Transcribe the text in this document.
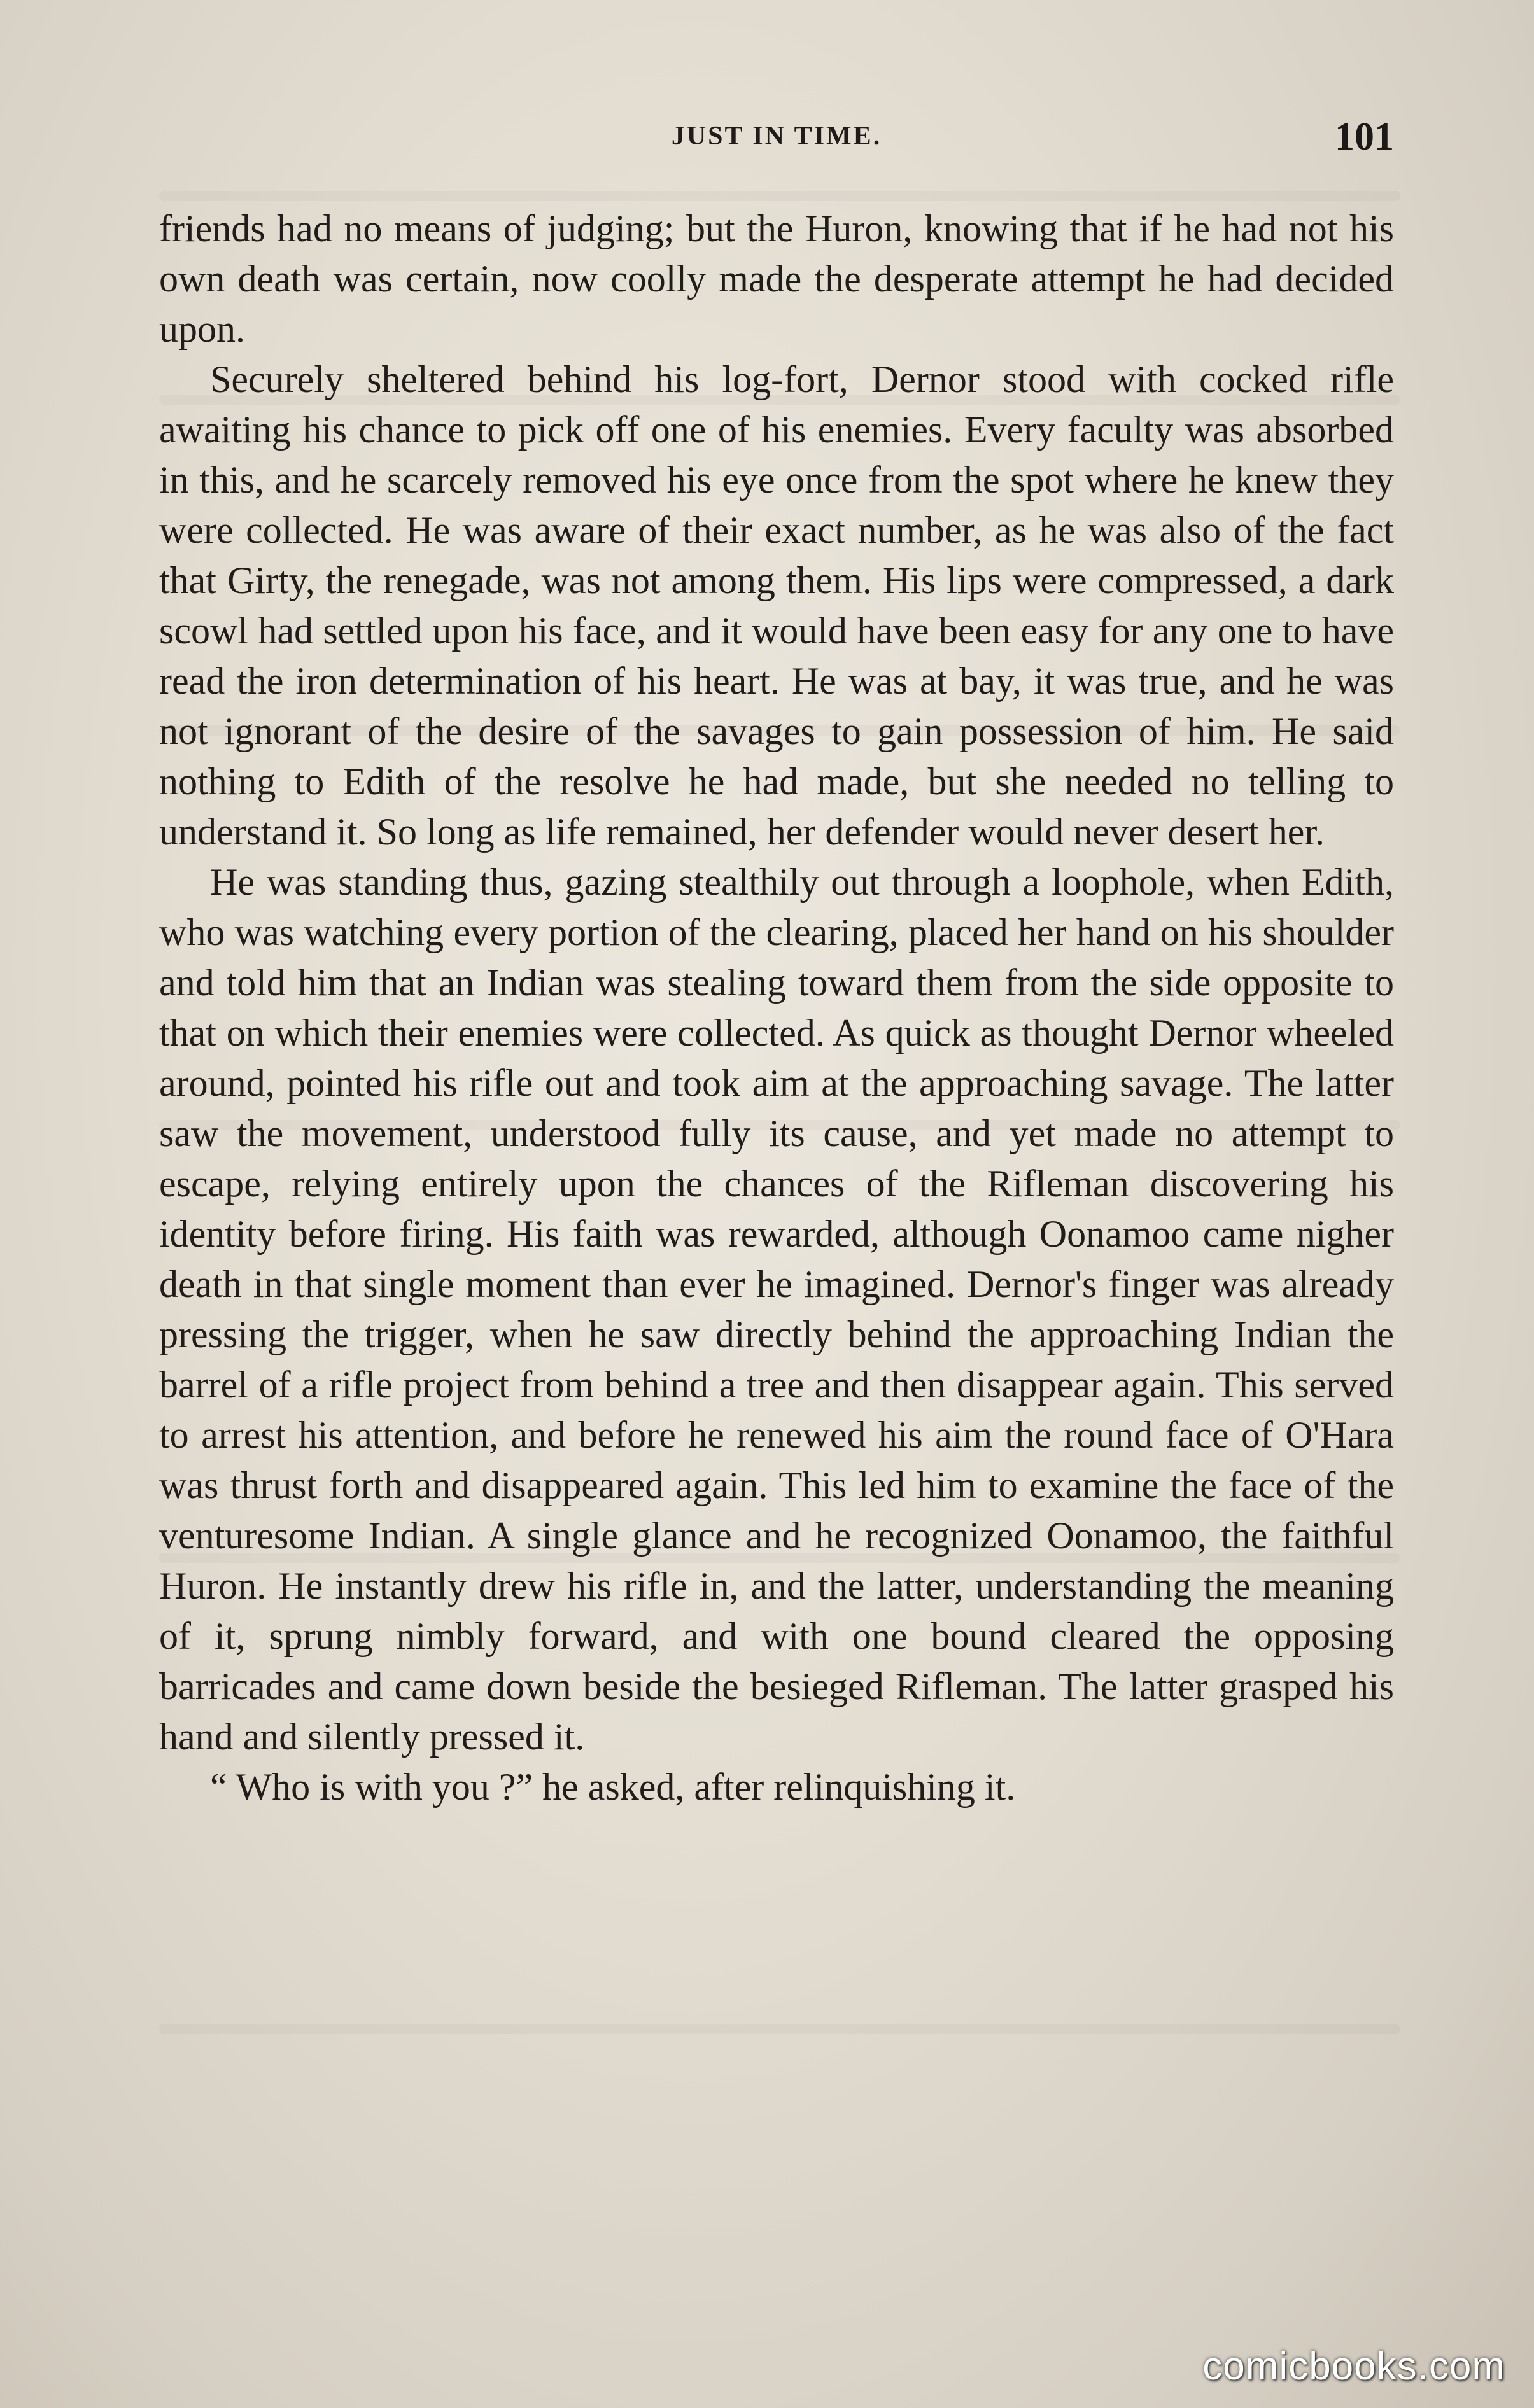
JUST IN TIME.	101

friends had no means of judging; but the Huron, knowing that if he had not his own death was certain, now coolly made the desperate attempt he had decided upon.

Securely sheltered behind his log-fort, Dernor stood with cocked rifle awaiting his chance to pick off one of his enemies. Every faculty was absorbed in this, and he scarcely removed his eye once from the spot where he knew they were collected. He was aware of their exact number, as he was also of the fact that Girty, the renegade, was not among them. His lips were compressed, a dark scowl had settled upon his face, and it would have been easy for any one to have read the iron determination of his heart. He was at bay, it was true, and he was not ignorant of the desire of the savages to gain possession of him. He said nothing to Edith of the resolve he had made, but she needed no telling to understand it. So long as life remained, her defender would never desert her.

He was standing thus, gazing stealthily out through a loophole, when Edith, who was watching every portion of the clearing, placed her hand on his shoulder and told him that an Indian was stealing toward them from the side opposite to that on which their enemies were collected. As quick as thought Dernor wheeled around, pointed his rifle out and took aim at the approaching savage. The latter saw the movement, understood fully its cause, and yet made no attempt to escape, relying entirely upon the chances of the Rifleman discovering his identity before firing. His faith was rewarded, although Oonamoo came nigher death in that single moment than ever he imagined. Dernor's finger was already pressing the trigger, when he saw directly behind the approaching Indian the barrel of a rifle project from behind a tree and then disappear again. This served to arrest his attention, and before he renewed his aim the round face of O'Hara was thrust forth and disappeared again. This led him to examine the face of the venturesome Indian. A single glance and he recognized Oonamoo, the faithful Huron. He instantly drew his rifle in, and the latter, understanding the meaning of it, sprung nimbly forward, and with one bound cleared the opposing barricades and came down beside the besieged Rifleman. The latter grasped his hand and silently pressed it.

“ Who is with you ?” he asked, after relinquishing it.

comicbooks.com
